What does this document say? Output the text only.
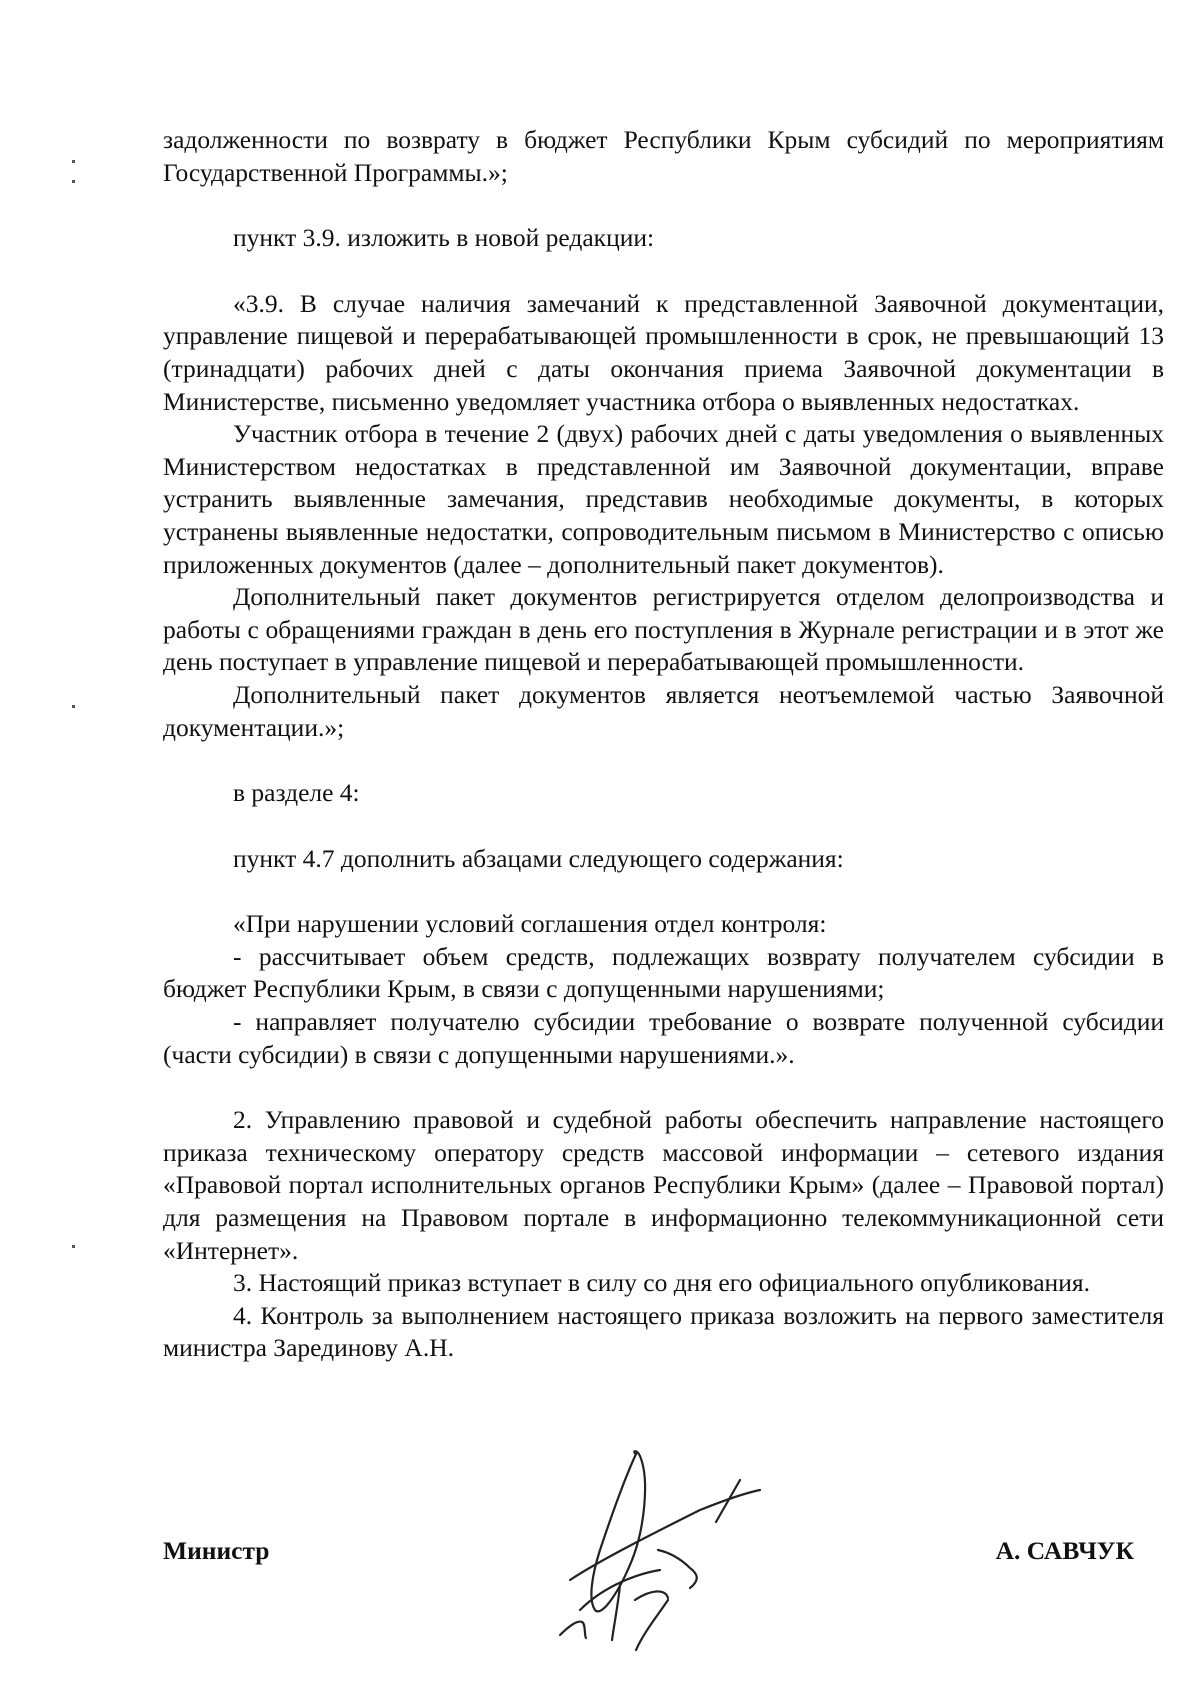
задолженности по возврату в бюджет Республики Крым субсидий по мероприятиям Государственной Программы.»;

пункт 3.9. изложить в новой редакции:

«3.9. В случае наличия замечаний к представленной Заявочной документации, управление пищевой и перерабатывающей промышленности в срок, не превышающий 13 (тринадцати) рабочих дней с даты окончания приема Заявочной документации в Министерстве, письменно уведомляет участника отбора о выявленных недостатках.

Участник отбора в течение 2 (двух) рабочих дней с даты уведомления о выявленных Министерством недостатках в представленной им Заявочной документации, вправе устранить выявленные замечания, представив необходимые документы, в которых устранены выявленные недостатки, сопроводительным письмом в Министерство с описью приложенных документов (далее – дополнительный пакет документов).

Дополнительный пакет документов регистрируется отделом делопроизводства и работы с обращениями граждан в день его поступления в Журнале регистрации и в этот же день поступает в управление пищевой и перерабатывающей промышленности.

Дополнительный пакет документов является неотъемлемой частью Заявочной документации.»;

в разделе 4:

пункт 4.7 дополнить абзацами следующего содержания:

«При нарушении условий соглашения отдел контроля:

- рассчитывает объем средств, подлежащих возврату получателем субсидии в бюджет Республики Крым, в связи с допущенными нарушениями;

- направляет получателю субсидии требование о возврате полученной субсидии (части субсидии) в связи с допущенными нарушениями.».

2. Управлению правовой и судебной работы обеспечить направление настоящего приказа техническому оператору средств массовой информации – сетевого издания «Правовой портал исполнительных органов Республики Крым» (далее – Правовой портал) для размещения на Правовом портале в информационно телекоммуникационной сети «Интернет».

3. Настоящий приказ вступает в силу со дня его официального опубликования.

4. Контроль за выполнением настоящего приказа возложить на первого заместителя министра Зарединову А.Н.

Министр	А. САВЧУК
